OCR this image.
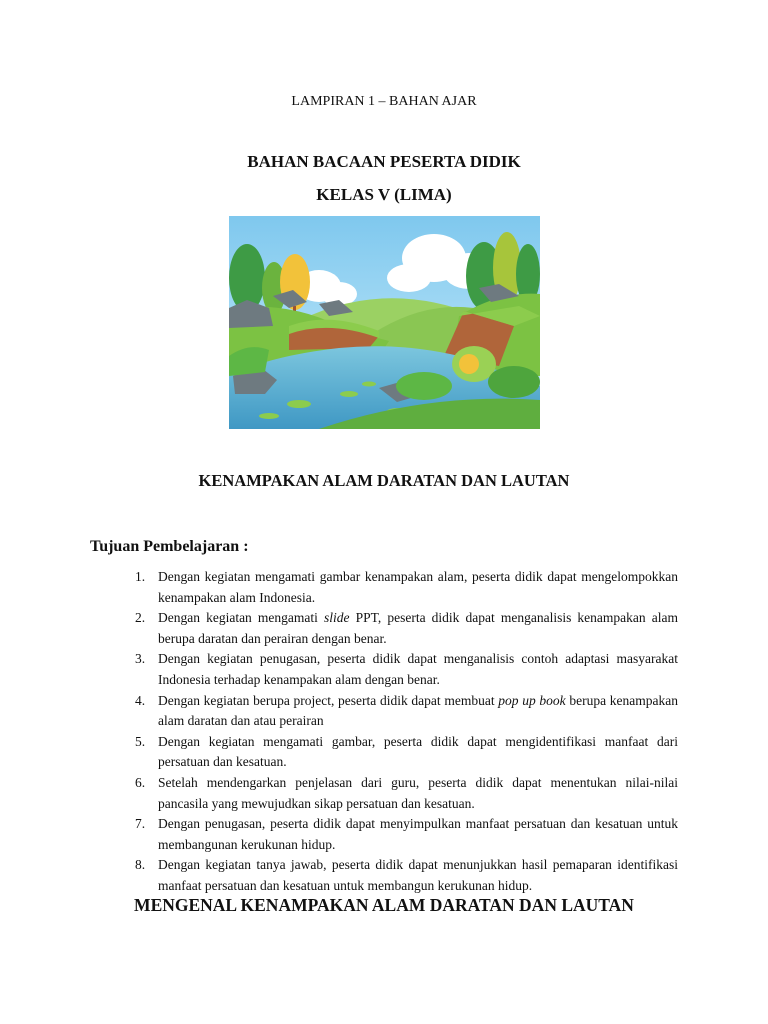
LAMPIRAN 1 – BAHAN AJAR
BAHAN BACAAN PESERTA DIDIK
KELAS V (LIMA)
KENAMPAKAN ALAM DARATAN DAN LAUTAN
Tujuan Pembelajaran :
1. Dengan kegiatan mengamati gambar kenampakan alam, peserta didik dapat mengelompokkan kenampakan alam Indonesia.
2. Dengan kegiatan mengamati slide PPT, peserta didik dapat menganalisis kenampakan alam berupa daratan dan perairan dengan benar.
3. Dengan kegiatan penugasan, peserta didik dapat menganalisis contoh adaptasi masyarakat Indonesia terhadap kenampakan alam dengan benar.
4. Dengan kegiatan berupa project, peserta didik dapat membuat pop up book berupa kenampakan alam daratan dan atau perairan
5. Dengan kegiatan mengamati gambar, peserta didik dapat mengidentifikasi manfaat dari persatuan dan kesatuan.
6. Setelah mendengarkan penjelasan dari guru, peserta didik dapat menentukan nilai-nilai pancasila yang mewujudkan sikap persatuan dan kesatuan.
7. Dengan penugasan, peserta didik dapat menyimpulkan manfaat persatuan dan kesatuan untuk membangunan kerukunan hidup.
8. Dengan kegiatan tanya jawab, peserta didik dapat menunjukkan hasil pemaparan identifikasi manfaat persatuan dan kesatuan untuk membangun kerukunan hidup.
MENGENAL KENAMPAKAN ALAM DARATAN DAN LAUTAN
